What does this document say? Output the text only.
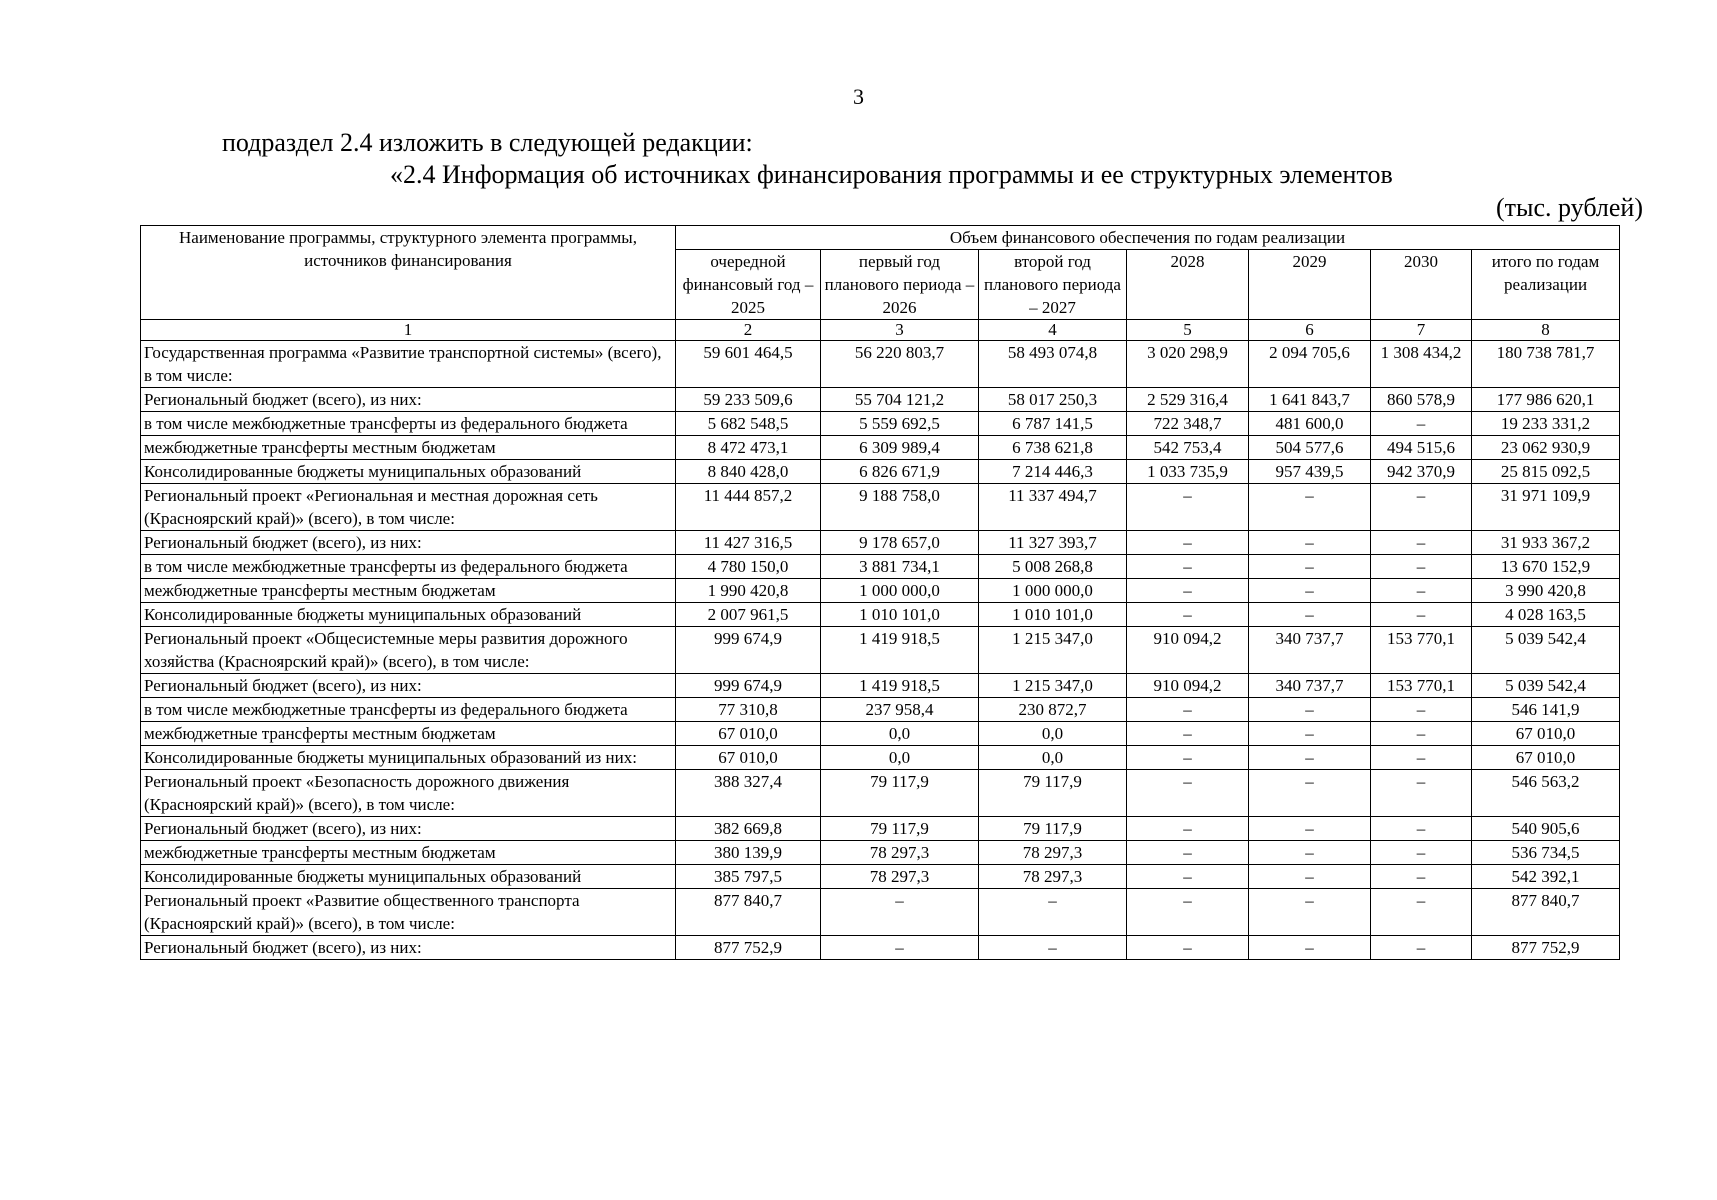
3
подраздел 2.4 изложить в следующей редакции:
«2.4 Информация об источниках финансирования программы и ее структурных элементов
(тыс. рублей)
Наименование программы, структурного элемента программы, источников финансирования	Объем финансового обеспечения по годам реализации						
	очередной финансовый год – 2025	первый год планового периода – 2026	второй год планового периода – 2027	2028	2029	2030	итого по годам реализации
1	2	3	4	5	6	7	8
Государственная программа «Развитие транспортной системы» (всего), в том числе:	59 601 464,5	56 220 803,7	58 493 074,8	3 020 298,9	2 094 705,6	1 308 434,2	180 738 781,7
Региональный бюджет (всего), из них:	59 233 509,6	55 704 121,2	58 017 250,3	2 529 316,4	1 641 843,7	860 578,9	177 986 620,1
в том числе межбюджетные трансферты из федерального бюджета	5 682 548,5	5 559 692,5	6 787 141,5	722 348,7	481 600,0	–	19 233 331,2
межбюджетные трансферты местным бюджетам	8 472 473,1	6 309 989,4	6 738 621,8	542 753,4	504 577,6	494 515,6	23 062 930,9
Консолидированные бюджеты муниципальных образований	8 840 428,0	6 826 671,9	7 214 446,3	1 033 735,9	957 439,5	942 370,9	25 815 092,5
Региональный проект «Региональная и местная дорожная сеть (Красноярский край)» (всего), в том числе:	11 444 857,2	9 188 758,0	11 337 494,7	–	–	–	31 971 109,9
Региональный бюджет (всего), из них:	11 427 316,5	9 178 657,0	11 327 393,7	–	–	–	31 933 367,2
в том числе межбюджетные трансферты из федерального бюджета	4 780 150,0	3 881 734,1	5 008 268,8	–	–	–	13 670 152,9
межбюджетные трансферты местным бюджетам	1 990 420,8	1 000 000,0	1 000 000,0	–	–	–	3 990 420,8
Консолидированные бюджеты муниципальных образований	2 007 961,5	1 010 101,0	1 010 101,0	–	–	–	4 028 163,5
Региональный проект «Общесистемные меры развития дорожного хозяйства (Красноярский край)» (всего), в том числе:	999 674,9	1 419 918,5	1 215 347,0	910 094,2	340 737,7	153 770,1	5 039 542,4
Региональный бюджет (всего), из них:	999 674,9	1 419 918,5	1 215 347,0	910 094,2	340 737,7	153 770,1	5 039 542,4
в том числе межбюджетные трансферты из федерального бюджета	77 310,8	237 958,4	230 872,7	–	–	–	546 141,9
межбюджетные трансферты местным бюджетам	67 010,0	0,0	0,0	–	–	–	67 010,0
Консолидированные бюджеты муниципальных образований из них:	67 010,0	0,0	0,0	–	–	–	67 010,0
Региональный проект «Безопасность дорожного движения (Красноярский край)» (всего), в том числе:	388 327,4	79 117,9	79 117,9	–	–	–	546 563,2
Региональный бюджет (всего), из них:	382 669,8	79 117,9	79 117,9	–	–	–	540 905,6
межбюджетные трансферты местным бюджетам	380 139,9	78 297,3	78 297,3	–	–	–	536 734,5
Консолидированные бюджеты муниципальных образований	385 797,5	78 297,3	78 297,3	–	–	–	542 392,1
Региональный проект «Развитие общественного транспорта (Красноярский край)» (всего), в том числе:	877 840,7	–	–	–	–	–	877 840,7
Региональный бюджет (всего), из них:	877 752,9	–	–	–	–	–	877 752,9
